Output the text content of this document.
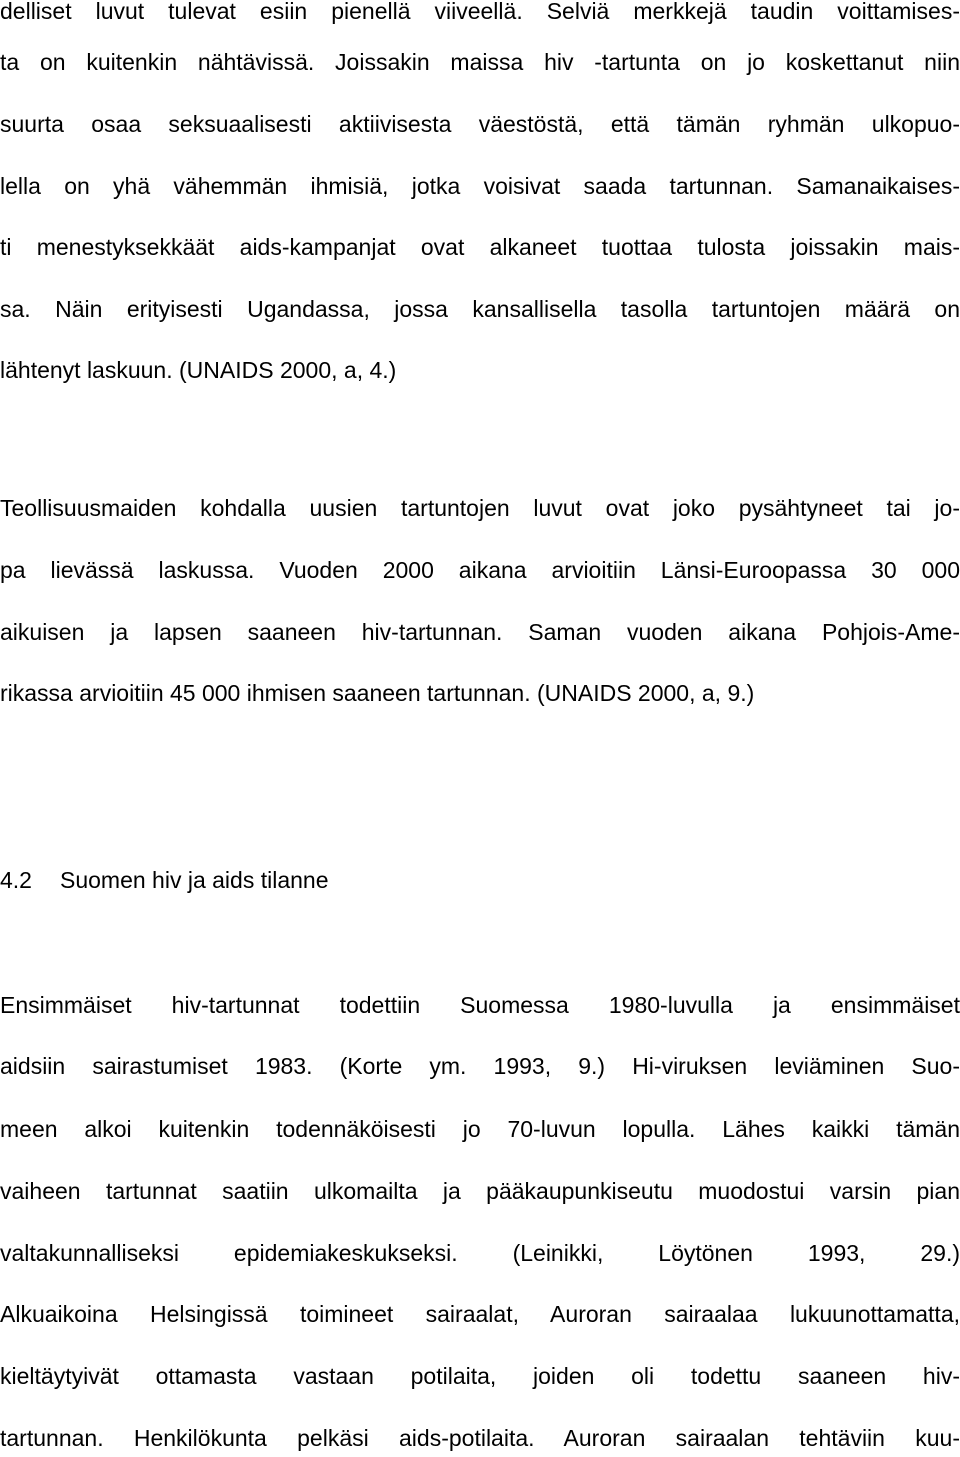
delliset luvut tulevat esiin pienellä viiveellä. Selviä merkkejä taudin voittamises-
ta on kuitenkin nähtävissä. Joissakin maissa hiv -tartunta on jo koskettanut niin
suurta osaa seksuaalisesti aktiivisesta väestöstä, että tämän ryhmän ulkopuo-
lella on yhä vähemmän ihmisiä, jotka voisivat saada tartunnan. Samanaikaises-
ti menestyksekkäät aids-kampanjat ovat alkaneet tuottaa tulosta joissakin mais-
sa. Näin erityisesti Ugandassa, jossa kansallisella tasolla tartuntojen määrä on
lähtenyt laskuun. (UNAIDS 2000, a, 4.)
Teollisuusmaiden kohdalla uusien tartuntojen luvut ovat joko pysähtyneet tai jo-
pa lievässä laskussa. Vuoden 2000 aikana arvioitiin Länsi-Euroopassa 30 000
aikuisen ja lapsen saaneen hiv-tartunnan. Saman vuoden aikana Pohjois-Ame-
rikassa arvioitiin 45 000 ihmisen saaneen tartunnan. (UNAIDS 2000, a, 9.)
4.2 Suomen hiv ja aids tilanne
Ensimmäiset hiv-tartunnat todettiin Suomessa 1980-luvulla ja ensimmäiset
aidsiin sairastumiset 1983. (Korte ym. 1993, 9.) Hi-viruksen leviäminen Suo-
meen alkoi kuitenkin todennäköisesti jo 70-luvun lopulla. Lähes kaikki tämän
vaiheen tartunnat saatiin ulkomailta ja pääkaupunkiseutu muodostui varsin pian
valtakunnalliseksi epidemiakeskukseksi. (Leinikki, Löytönen 1993, 29.)
Alkuaikoina Helsingissä toimineet sairaalat, Auroran sairaalaa lukuunottamatta,
kieltäytyivät ottamasta vastaan potilaita, joiden oli todettu saaneen hiv-
tartunnan. Henkilökunta pelkäsi aids-potilaita. Auroran sairaalan tehtäviin kuu-
